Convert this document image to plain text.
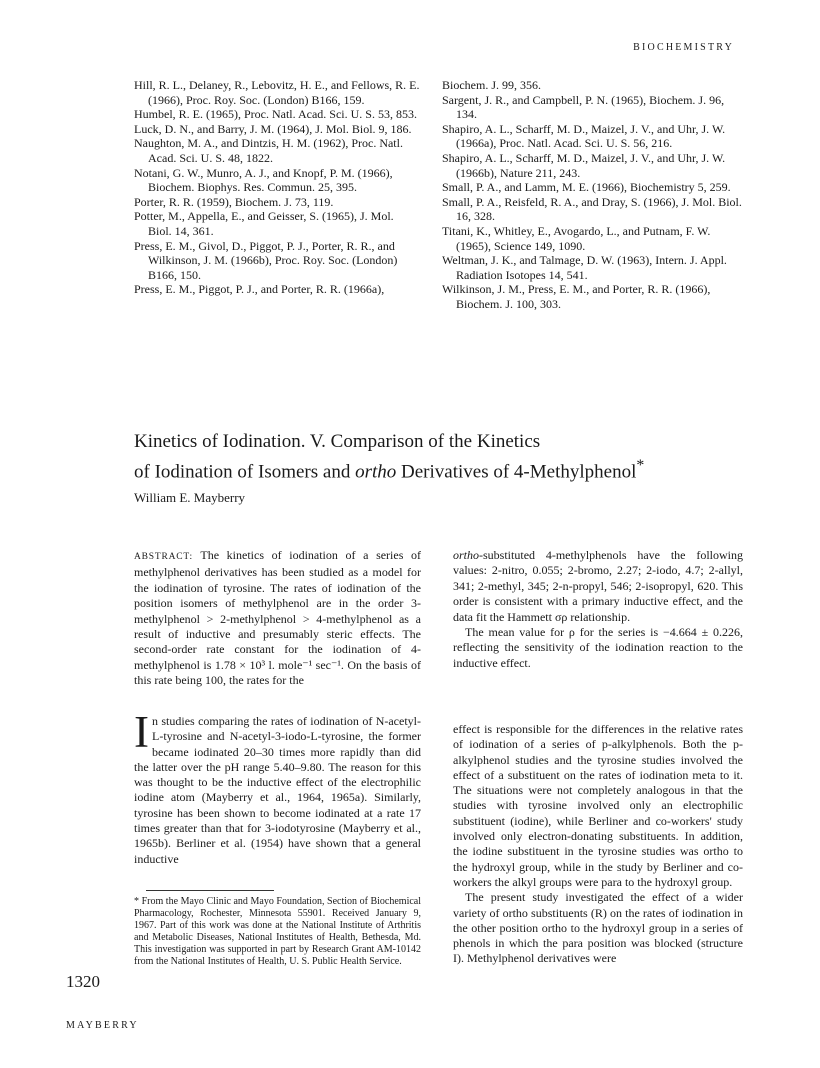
BIOCHEMISTRY
Hill, R. L., Delaney, R., Lebovitz, H. E., and Fellows, R. E. (1966), Proc. Roy. Soc. (London) B166, 159.
Humbel, R. E. (1965), Proc. Natl. Acad. Sci. U. S. 53, 853.
Luck, D. N., and Barry, J. M. (1964), J. Mol. Biol. 9, 186.
Naughton, M. A., and Dintzis, H. M. (1962), Proc. Natl. Acad. Sci. U. S. 48, 1822.
Notani, G. W., Munro, A. J., and Knopf, P. M. (1966), Biochem. Biophys. Res. Commun. 25, 395.
Porter, R. R. (1959), Biochem. J. 73, 119.
Potter, M., Appella, E., and Geisser, S. (1965), J. Mol. Biol. 14, 361.
Press, E. M., Givol, D., Piggot, P. J., Porter, R. R., and Wilkinson, J. M. (1966b), Proc. Roy. Soc. (London) B166, 150.
Press, E. M., Piggot, P. J., and Porter, R. R. (1966a),
Biochem. J. 99, 356.
Sargent, J. R., and Campbell, P. N. (1965), Biochem. J. 96, 134.
Shapiro, A. L., Scharff, M. D., Maizel, J. V., and Uhr, J. W. (1966a), Proc. Natl. Acad. Sci. U. S. 56, 216.
Shapiro, A. L., Scharff, M. D., Maizel, J. V., and Uhr, J. W. (1966b), Nature 211, 243.
Small, P. A., and Lamm, M. E. (1966), Biochemistry 5, 259.
Small, P. A., Reisfeld, R. A., and Dray, S. (1966), J. Mol. Biol. 16, 328.
Titani, K., Whitley, E., Avogardo, L., and Putnam, F. W. (1965), Science 149, 1090.
Weltman, J. K., and Talmage, D. W. (1963), Intern. J. Appl. Radiation Isotopes 14, 541.
Wilkinson, J. M., Press, E. M., and Porter, R. R. (1966), Biochem. J. 100, 303.
Kinetics of Iodination. V. Comparison of the Kinetics
of Iodination of Isomers and ortho Derivatives of 4-Methylphenol*
William E. Mayberry
ABSTRACT: The kinetics of iodination of a series of methylphenol derivatives has been studied as a model for the iodination of tyrosine. The rates of iodination of the position isomers of methylphenol are in the order 3-methylphenol > 2-methylphenol > 4-methylphenol as a result of inductive and presumably steric effects. The second-order rate constant for the iodination of 4-methylphenol is 1.78 × 10³ l. mole⁻¹ sec⁻¹. On the basis of this rate being 100, the rates for the
ortho-substituted 4-methylphenols have the following values: 2-nitro, 0.055; 2-bromo, 2.27; 2-iodo, 4.7; 2-allyl, 341; 2-methyl, 345; 2-n-propyl, 546; 2-isopropyl, 620. This order is consistent with a primary inductive effect, and the data fit the Hammett σρ relationship.
The mean value for ρ for the series is −4.664 ± 0.226, reflecting the sensitivity of the iodination reaction to the inductive effect.
In studies comparing the rates of iodination of N-acetyl-L-tyrosine and N-acetyl-3-iodo-L-tyrosine, the former became iodinated 20–30 times more rapidly than did the latter over the pH range 5.40–9.80. The reason for this was thought to be the inductive effect of the electrophilic iodine atom (Mayberry et al., 1964, 1965a). Similarly, tyrosine has been shown to become iodinated at a rate 17 times greater than that for 3-iodotyrosine (Mayberry et al., 1965b). Berliner et al. (1954) have shown that a general inductive
effect is responsible for the differences in the relative rates of iodination of a series of p-alkylphenols. Both the p-alkylphenol studies and the tyrosine studies involved the effect of a substituent on the rates of iodination meta to it. The situations were not completely analogous in that the studies with tyrosine involved only an electrophilic substituent (iodine), while Berliner and co-workers' study involved only electron-donating substituents. In addition, the iodine substituent in the tyrosine studies was ortho to the hydroxyl group, while in the study by Berliner and co-workers the alkyl groups were para to the hydroxyl group.
The present study investigated the effect of a wider variety of ortho substituents (R) on the rates of iodination in the other position ortho to the hydroxyl group in a series of phenols in which the para position was blocked (structure I). Methylphenol derivatives were
* From the Mayo Clinic and Mayo Foundation, Section of Biochemical Pharmacology, Rochester, Minnesota 55901. Received January 9, 1967. Part of this work was done at the National Institute of Arthritis and Metabolic Diseases, National Institutes of Health, Bethesda, Md. This investigation was supported in part by Research Grant AM-10142 from the National Institutes of Health, U. S. Public Health Service.
1320
MAYBERRY
